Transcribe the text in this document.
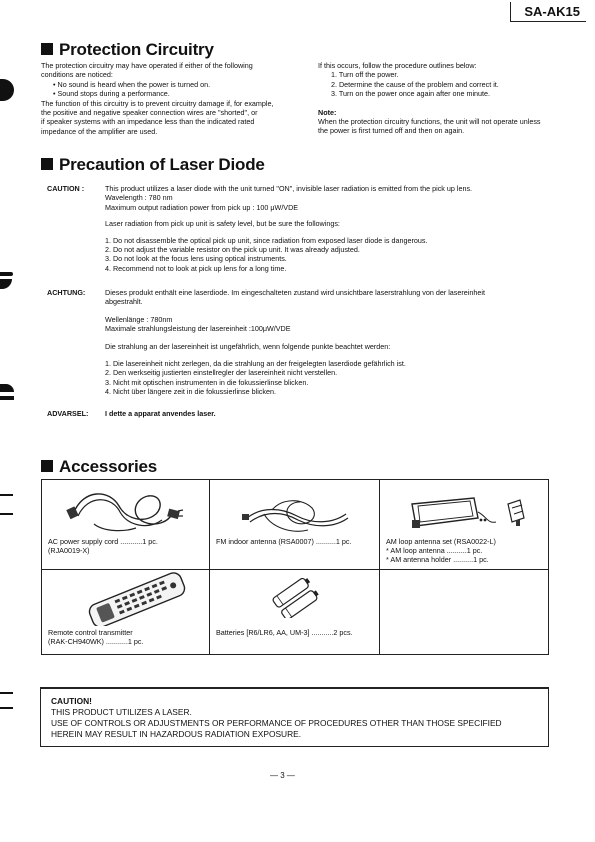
SA-AK15
Protection Circuitry
The protection circuitry may have operated if either of the following
conditions are noticed:
• No sound is heard when the power is turned on.
• Sound stops during a performance.
The function of this circuitry is to prevent circuitry damage if, for example,
the positive and negative speaker connection wires are "shorted", or
if speaker systems with an impedance less than the indicated rated
impedance of the amplifier are used.
If this occurs, follow the procedure outlines below:
1. Turn off the power.
2. Determine the cause of the problem and correct it.
3. Turn on the power once again after one minute.
Note:
When the protection circuitry functions, the unit will not operate unless
the power is first turned off and then on again.
Precaution of Laser Diode
CAUTION :	This product utilizes a laser diode with the unit turned "ON", invisible laser radiation is emitted from the pick up lens.
Wavelength : 780 nm
Maximum output radiation power from pick up : 100 μW/VDE
Laser radiation from pick up unit is safety level, but be sure the followings:
1. Do not disassemble the optical pick up unit, since radiation from exposed laser diode is dangerous.
2. Do not adjust the variable resistor on the pick up unit. It was already adjusted.
3. Do not look at the focus lens using optical instruments.
4. Recommend not to look at pick up lens for a long time.
ACHTUNG:	Dieses produkt enthält eine laserdiode. Im eingeschalteten zustand wird unsichtbare laserstrahlung von der lasereinheit
abgestrahlt.
Wellenlänge : 780nm
Maximale strahlungsleistung der lasereinheit :100μW/VDE
Die strahlung an der lasereinheit ist ungefährlich, wenn folgende punkte beachtet werden:
1. Die lasereinheit nicht zerlegen, da die strahlung an der freigelegten laserdiode gefährlich ist.
2. Den werkseitig justierten einstellregler der lasereinheit nicht verstellen.
3. Nicht mit optischen instrumenten in die fokussierlinse blicken.
4. Nicht über längere zeit in die fokussierlinse blicken.
ADVARSEL: I dette a apparat anvendes laser.
Accessories
AC power supply cord ...........1 pc.
(RJA0019-X)
FM indoor antenna (RSA0007) ..........1 pc.	AM loop antenna set (RSA0022-L)
* AM loop antenna ..........1 pc.
* AM antenna holder ..........1 pc.
Remote control transmitter
(RAK-CH940WK) ...........1 pc.
Batteries [R6/LR6, AA, UM-3] ...........2 pcs.
CAUTION!
THIS PRODUCT UTILIZES A LASER.
USE OF CONTROLS OR ADJUSTMENTS OR PERFORMANCE OF PROCEDURES OTHER THAN THOSE SPECIFIED
HEREIN MAY RESULT IN HAZARDOUS RADIATION EXPOSURE.
— 3 —
